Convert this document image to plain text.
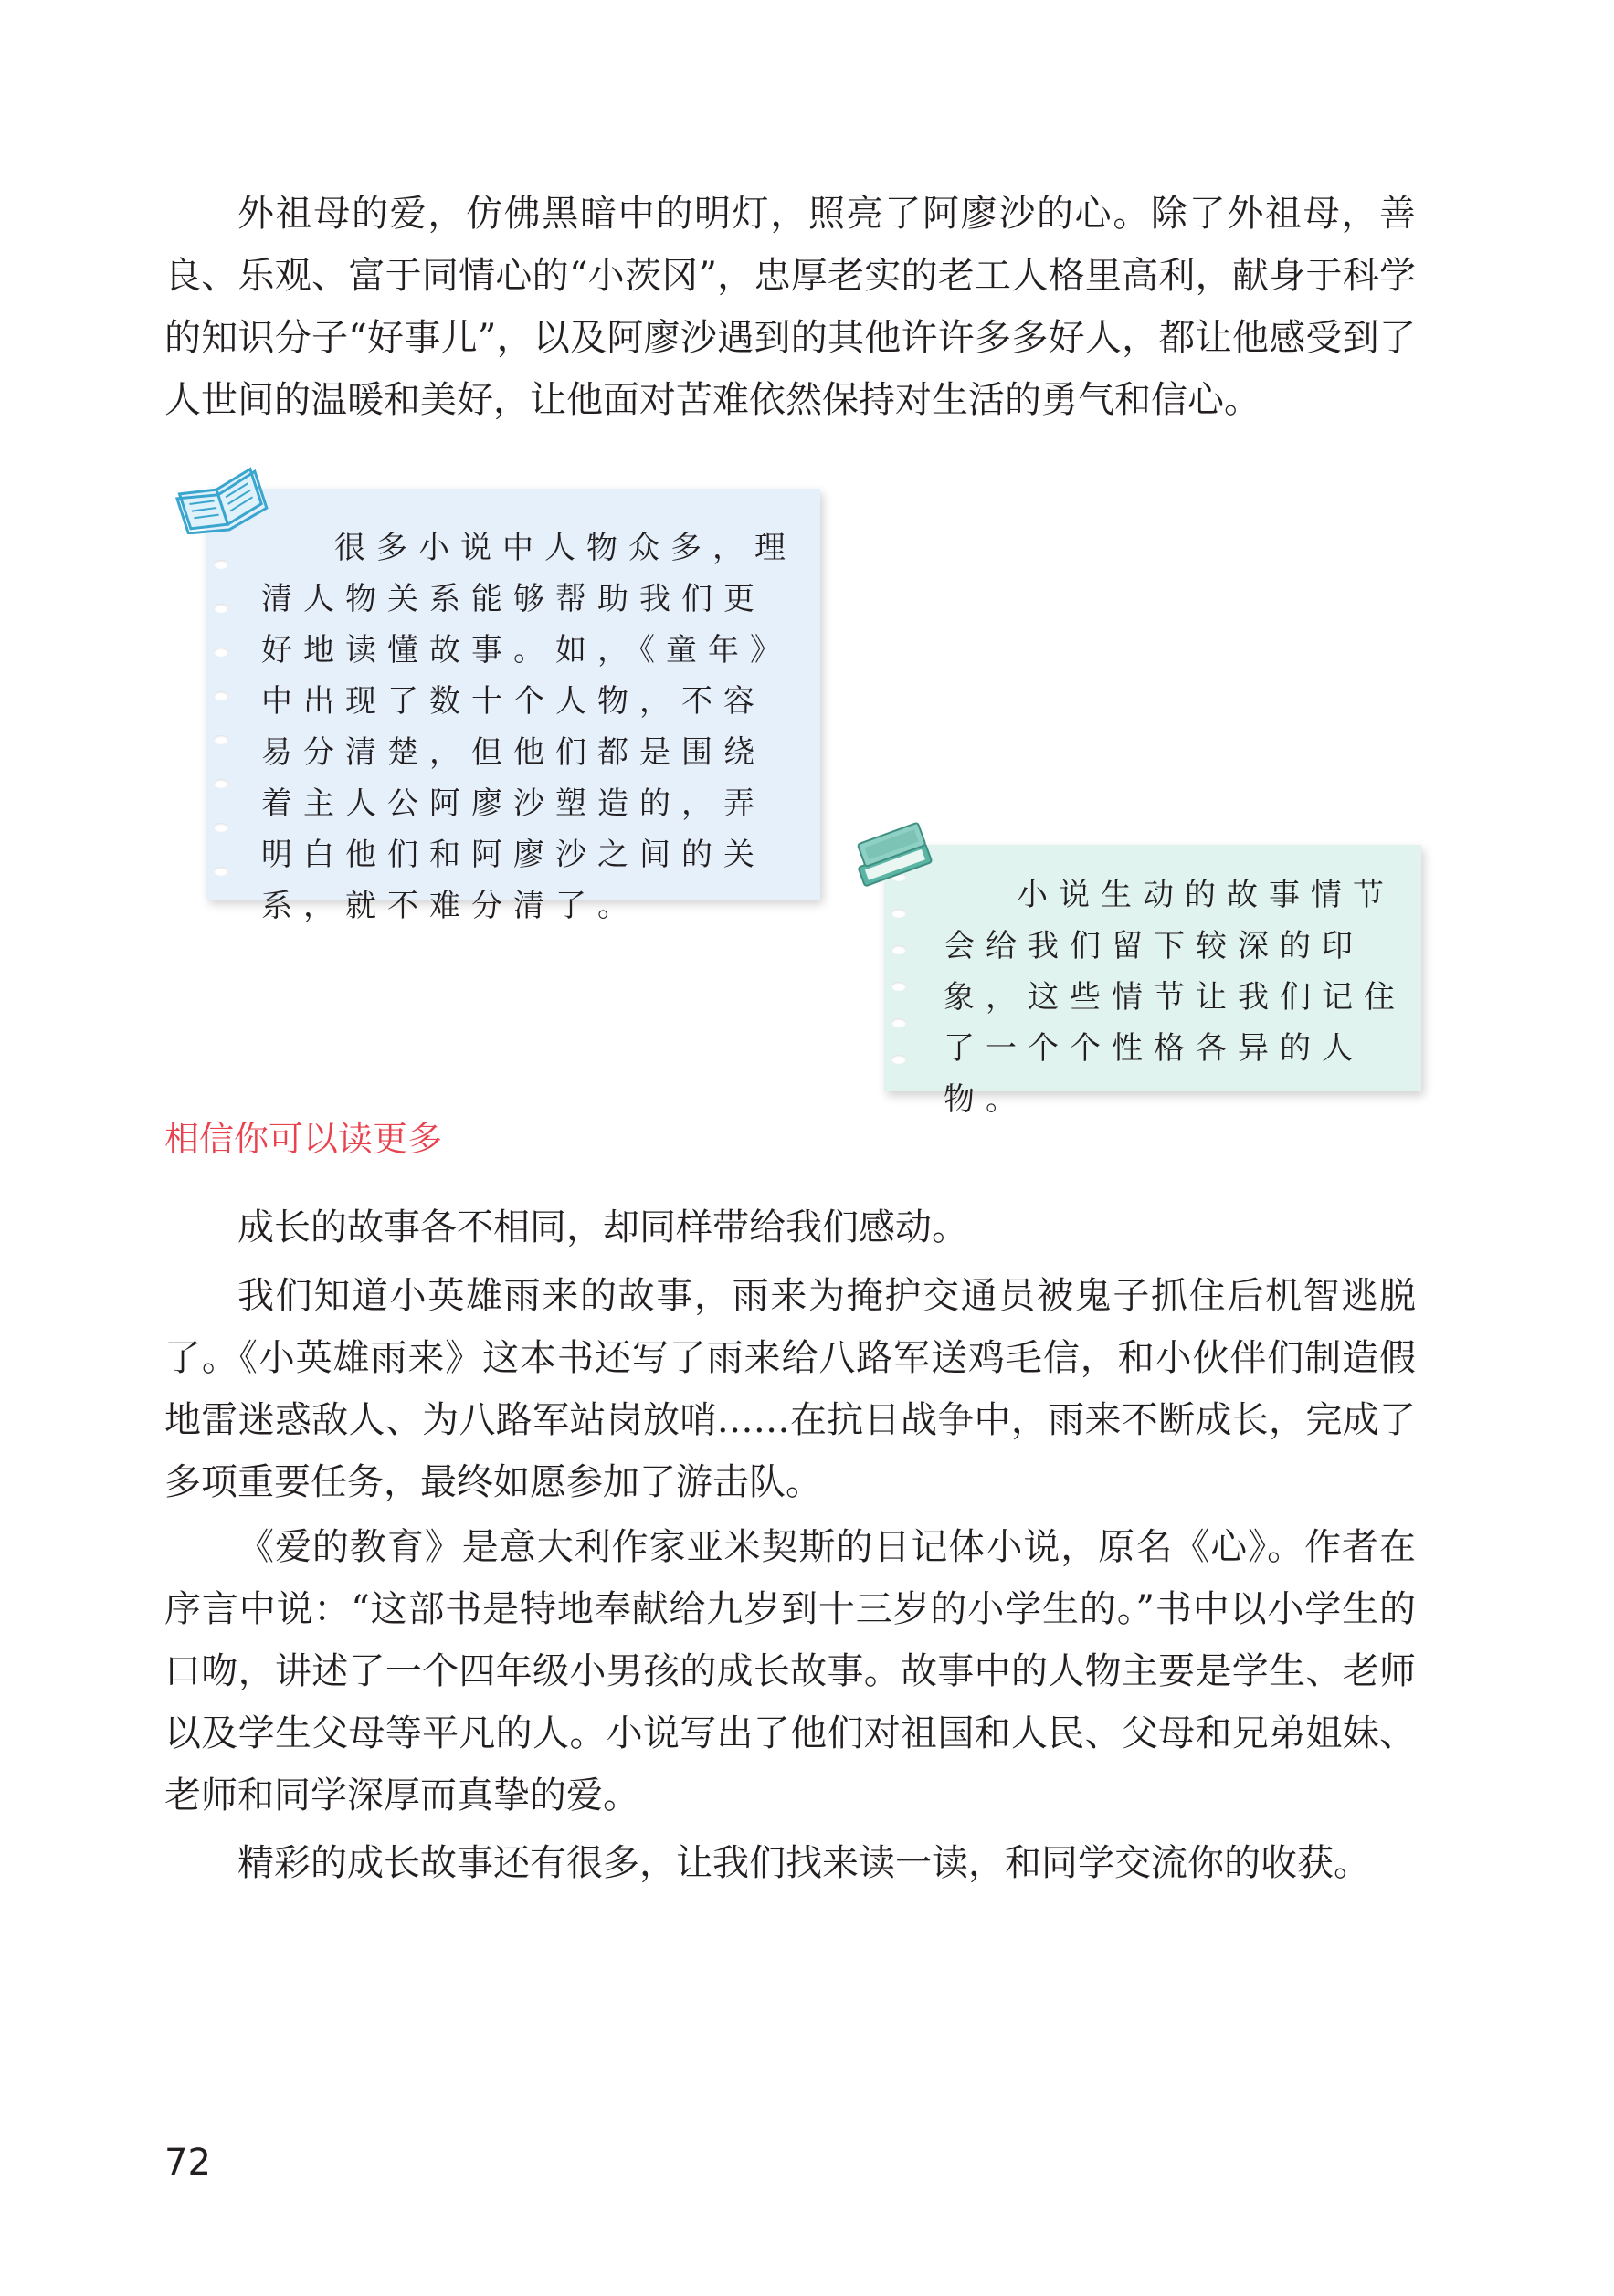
外祖母的爱，仿佛黑暗中的明灯，照亮了阿廖沙的心。除了外祖母，善良、乐观、富于同情心的“小茨冈”，忠厚老实的老工人格里高利，献身于科学的知识分子“好事儿”，以及阿廖沙遇到的其他许许多多好人，都让他感受到了人世间的温暖和美好，让他面对苦难依然保持对生活的勇气和信心。

很多小说中人物众多，理清人物关系能够帮助我们更好地读懂故事。如，《童年》中出现了数十个人物，不容易分清楚，但他们都是围绕着主人公阿廖沙塑造的，弄明白他们和阿廖沙之间的关系，就不难分清了。	小说生动的故事情节会给我们留下较深的印象，这些情节让我们记住了一个个性格各异的人物。

相信你可以读更多

成长的故事各不相同，却同样带给我们感动。

我们知道小英雄雨来的故事，雨来为掩护交通员被鬼子抓住后机智逃脱了。《小英雄雨来》这本书还写了雨来给八路军送鸡毛信，和小伙伴们制造假地雷迷惑敌人、为八路军站岗放哨……在抗日战争中，雨来不断成长，完成了多项重要任务，最终如愿参加了游击队。

《爱的教育》是意大利作家亚米契斯的日记体小说，原名《心》。作者在序言中说：“这部书是特地奉献给九岁到十三岁的小学生的。”书中以小学生的口吻，讲述了一个四年级小男孩的成长故事。故事中的人物主要是学生、老师以及学生父母等平凡的人。小说写出了他们对祖国和人民、父母和兄弟姐妹、老师和同学深厚而真挚的爱。

精彩的成长故事还有很多，让我们找来读一读，和同学交流你的收获。

72
